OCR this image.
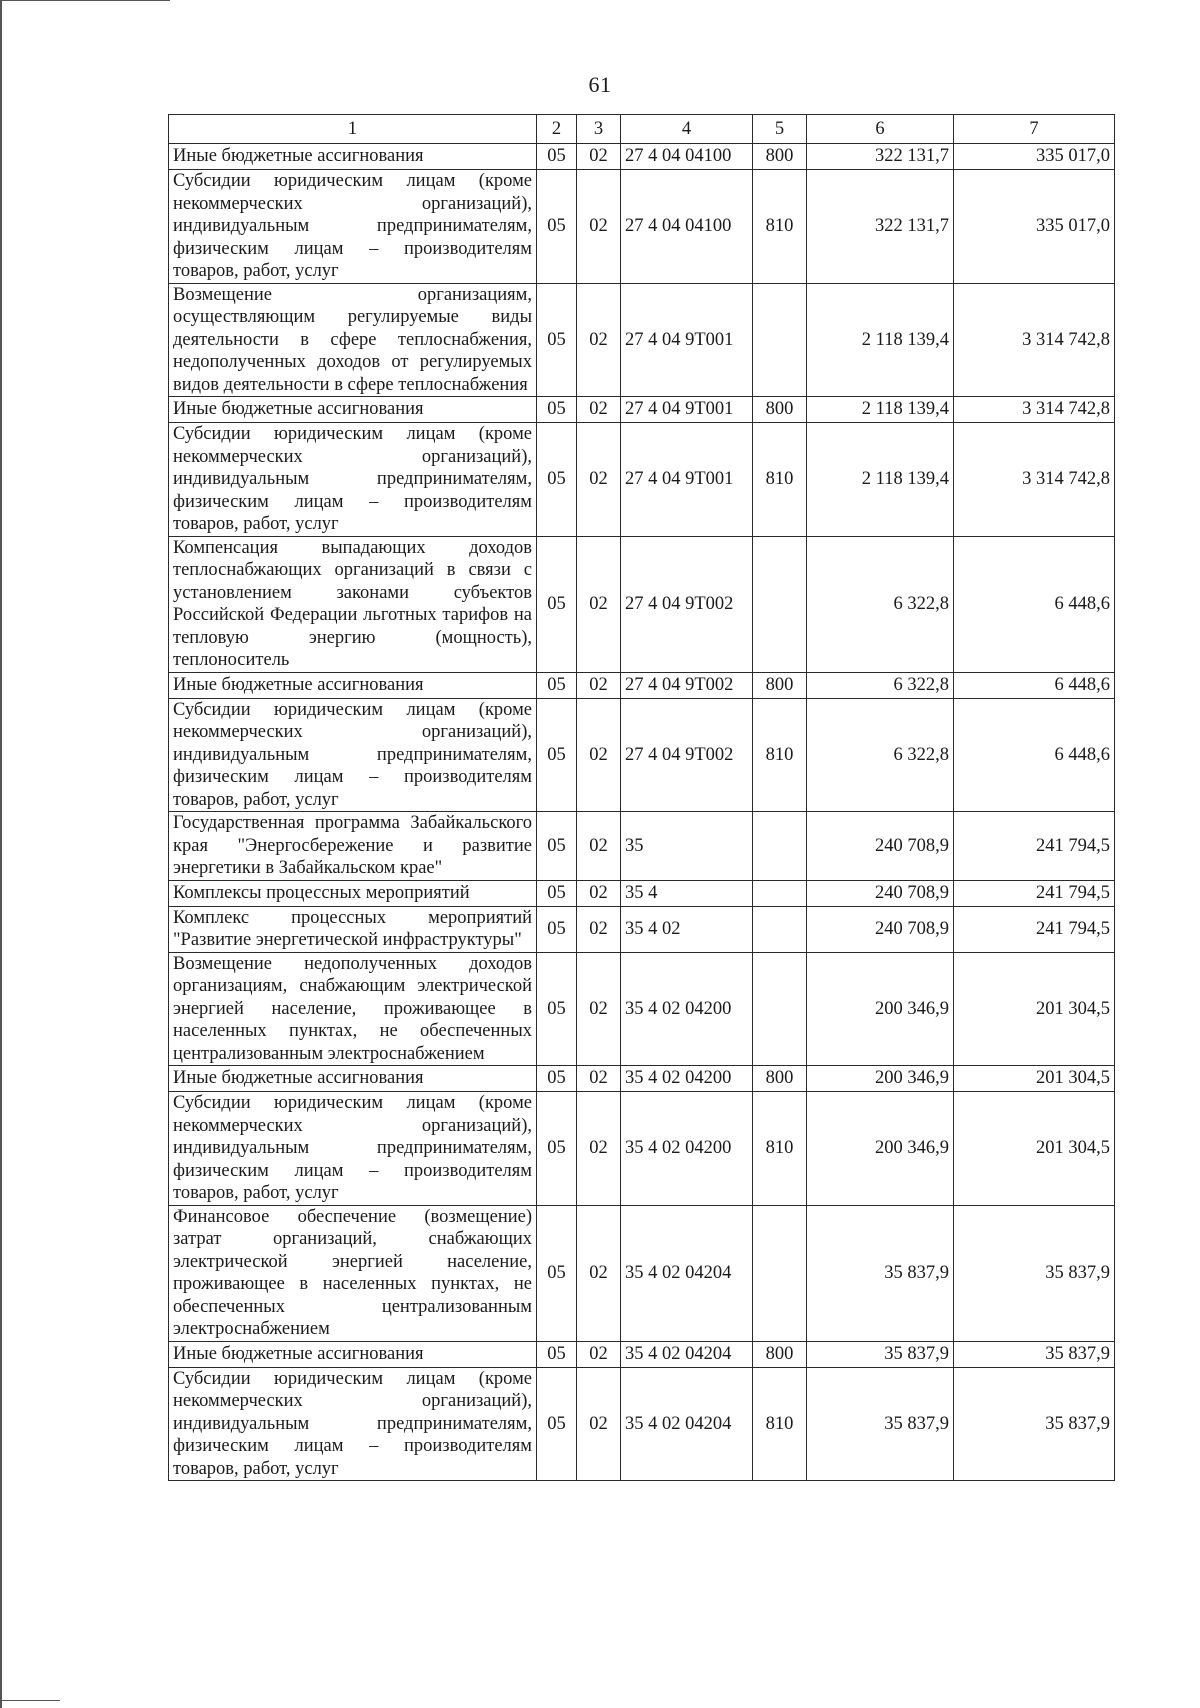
61
1	2	3	4	5	6	7
Иные бюджетные ассигнования	05	02	27 4 04 04100	800	322 131,7	335 017,0
Субсидии юридическим лицам (кроме некоммерческих организаций), индивидуальным предпринимателям, физическим лицам – производителям товаров, работ, услуг	05	02	27 4 04 04100	810	322 131,7	335 017,0
Возмещение организациям, осуществляющим регулируемые виды деятельности в сфере теплоснабжения, недополученных доходов от регулируемых видов деятельности в сфере теплоснабжения	05	02	27 4 04 9Т001		2 118 139,4	3 314 742,8
Иные бюджетные ассигнования	05	02	27 4 04 9Т001	800	2 118 139,4	3 314 742,8
Субсидии юридическим лицам (кроме некоммерческих организаций), индивидуальным предпринимателям, физическим лицам – производителям товаров, работ, услуг	05	02	27 4 04 9Т001	810	2 118 139,4	3 314 742,8
Компенсация выпадающих доходов теплоснабжающих организаций в связи с установлением законами субъектов Российской Федерации льготных тарифов на тепловую энергию (мощность), теплоноситель	05	02	27 4 04 9Т002		6 322,8	6 448,6
Иные бюджетные ассигнования	05	02	27 4 04 9Т002	800	6 322,8	6 448,6
Субсидии юридическим лицам (кроме некоммерческих организаций), индивидуальным предпринимателям, физическим лицам – производителям товаров, работ, услуг	05	02	27 4 04 9Т002	810	6 322,8	6 448,6
Государственная программа Забайкальского края "Энергосбережение и развитие энергетики в Забайкальском крае"	05	02	35		240 708,9	241 794,5
Комплексы процессных мероприятий	05	02	35 4		240 708,9	241 794,5
Комплекс процессных мероприятий "Развитие энергетической инфраструктуры"	05	02	35 4 02		240 708,9	241 794,5
Возмещение недополученных доходов организациям, снабжающим электрической энергией население, проживающее в населенных пунктах, не обеспеченных централизованным электроснабжением	05	02	35 4 02 04200		200 346,9	201 304,5
Иные бюджетные ассигнования	05	02	35 4 02 04200	800	200 346,9	201 304,5
Субсидии юридическим лицам (кроме некоммерческих организаций), индивидуальным предпринимателям, физическим лицам – производителям товаров, работ, услуг	05	02	35 4 02 04200	810	200 346,9	201 304,5
Финансовое обеспечение (возмещение) затрат организаций, снабжающих электрической энергией население, проживающее в населенных пунктах, не обеспеченных централизованным электроснабжением	05	02	35 4 02 04204		35 837,9	35 837,9
Иные бюджетные ассигнования	05	02	35 4 02 04204	800	35 837,9	35 837,9
Субсидии юридическим лицам (кроме некоммерческих организаций), индивидуальным предпринимателям, физическим лицам – производителям товаров, работ, услуг	05	02	35 4 02 04204	810	35 837,9	35 837,9
